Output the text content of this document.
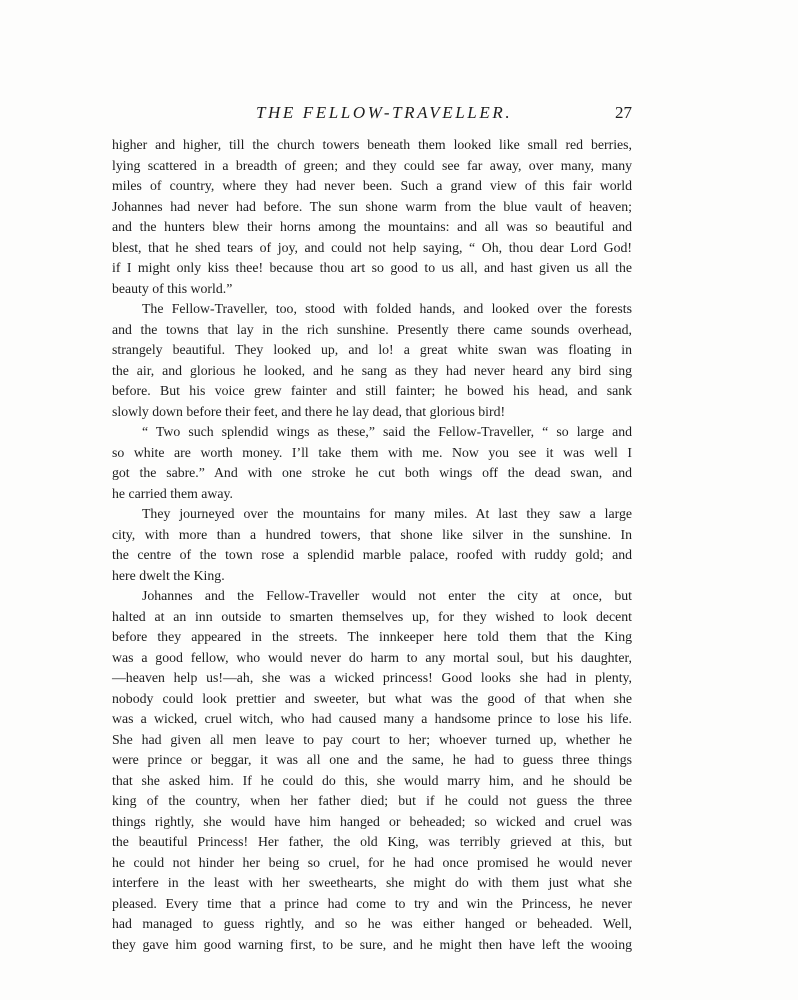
THE FELLOW-TRAVELLER.	27
higher and higher, till the church towers beneath them looked like small red berries,
lying scattered in a breadth of green; and they could see far away, over many, many
miles of country, where they had never been. Such a grand view of this fair world
Johannes had never had before. The sun shone warm from the blue vault of heaven;
and the hunters blew their horns among the mountains: and all was so beautiful and
blest, that he shed tears of joy, and could not help saying, “ Oh, thou dear Lord God!
if I might only kiss thee! because thou art so good to us all, and hast given us all the
beauty of this world.”
The Fellow-Traveller, too, stood with folded hands, and looked over the forests
and the towns that lay in the rich sunshine. Presently there came sounds overhead,
strangely beautiful. They looked up, and lo! a great white swan was floating in
the air, and glorious he looked, and he sang as they had never heard any bird sing
before. But his voice grew fainter and still fainter; he bowed his head, and sank
slowly down before their feet, and there he lay dead, that glorious bird!
“ Two such splendid wings as these,” said the Fellow-Traveller, “ so large and
so white are worth money. I’ll take them with me. Now you see it was well I
got the sabre.” And with one stroke he cut both wings off the dead swan, and
he carried them away.
They journeyed over the mountains for many miles. At last they saw a large
city, with more than a hundred towers, that shone like silver in the sunshine. In
the centre of the town rose a splendid marble palace, roofed with ruddy gold; and
here dwelt the King.
Johannes and the Fellow-Traveller would not enter the city at once, but
halted at an inn outside to smarten themselves up, for they wished to look decent
before they appeared in the streets. The innkeeper here told them that the King
was a good fellow, who would never do harm to any mortal soul, but his daughter,
—heaven help us!—ah, she was a wicked princess! Good looks she had in plenty,
nobody could look prettier and sweeter, but what was the good of that when she
was a wicked, cruel witch, who had caused many a handsome prince to lose his life.
She had given all men leave to pay court to her; whoever turned up, whether he
were prince or beggar, it was all one and the same, he had to guess three things
that she asked him. If he could do this, she would marry him, and he should be
king of the country, when her father died; but if he could not guess the three
things rightly, she would have him hanged or beheaded; so wicked and cruel was
the beautiful Princess! Her father, the old King, was terribly grieved at this, but
he could not hinder her being so cruel, for he had once promised he would never
interfere in the least with her sweethearts, she might do with them just what she
pleased. Every time that a prince had come to try and win the Princess, he never
had managed to guess rightly, and so he was either hanged or beheaded. Well,
they gave him good warning first, to be sure, and he might then have left the wooing
